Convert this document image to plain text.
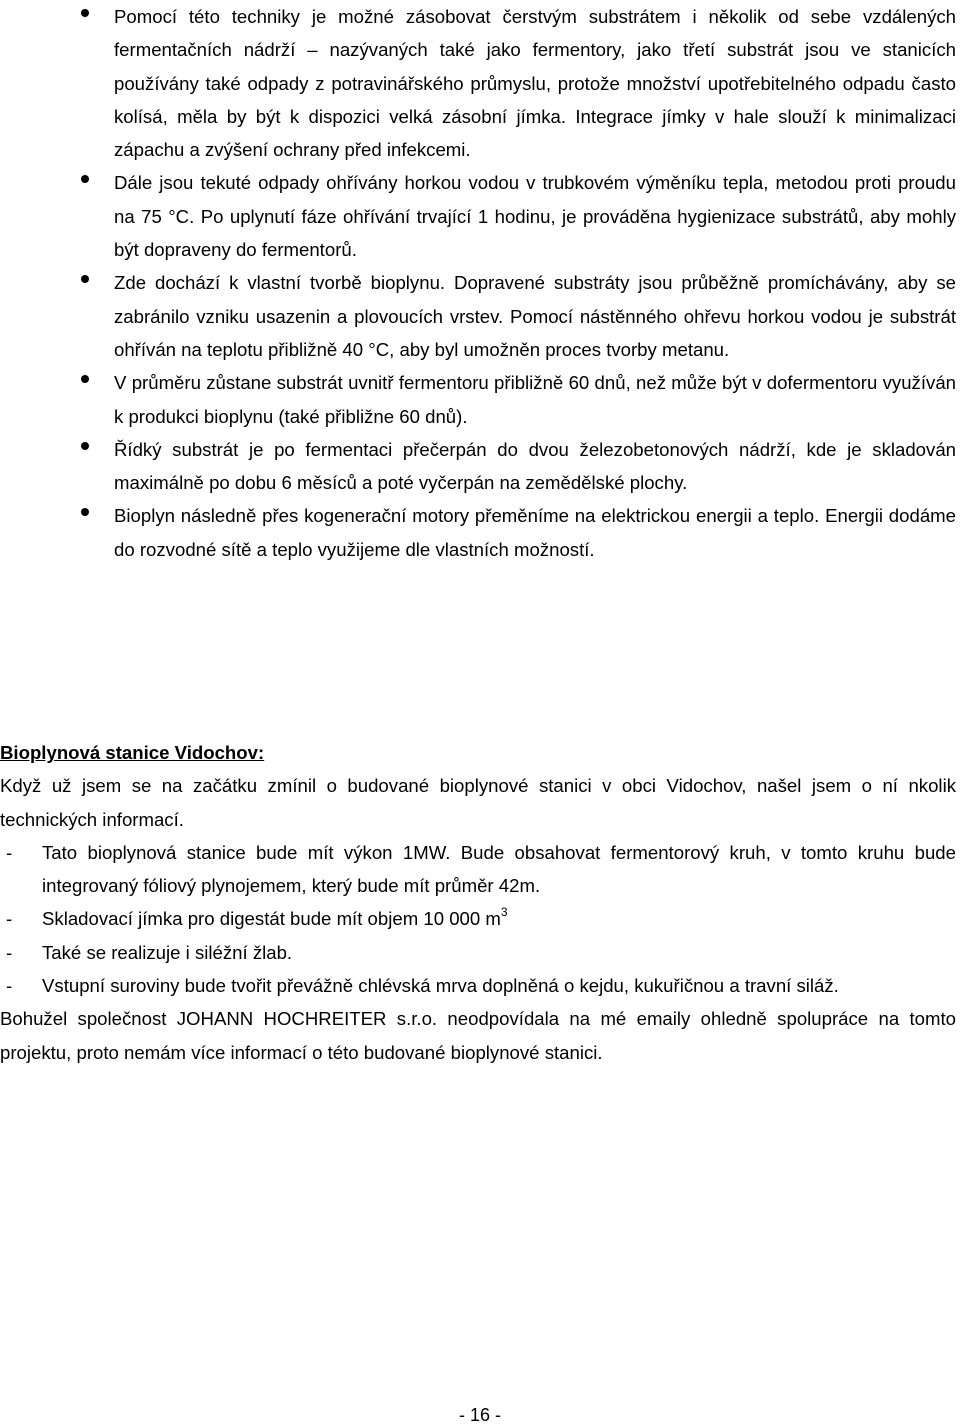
Pomocí této techniky je možné zásobovat čerstvým substrátem i několik od sebe vzdálených fermentačních nádrží – nazývaných také jako fermentory, jako třetí substrát jsou ve stanicích používány také odpady z potravinářského průmyslu, protože množství upotřebitelného odpadu často kolísá, měla by být k dispozici velká zásobní jímka. Integrace jímky v hale slouží k minimalizaci zápachu a zvýšení ochrany před infekcemi.
Dále jsou tekuté odpady ohřívány horkou vodou v trubkovém výměníku tepla, metodou proti proudu na 75 °C. Po uplynutí fáze ohřívání trvající 1 hodinu, je prováděna hygienizace substrátů, aby mohly být dopraveny do fermentorů.
Zde dochází k vlastní tvorbě bioplynu. Dopravené substráty jsou průběžně promíchávány, aby se zabránilo vzniku usazenin a plovoucích vrstev. Pomocí nástěnného ohřevu horkou vodou je substrát ohříván na teplotu přibližně 40 °C, aby byl umožněn proces tvorby metanu.
V průměru zůstane substrát uvnitř fermentoru přibližně 60 dnů, než může být v dofermentoru využíván k produkci bioplynu (také přibližne 60 dnů).
Řídký substrát je po fermentaci přečerpán do dvou železobetonových nádrží, kde je skladován maximálně po dobu 6 měsíců a poté vyčerpán na zemědělské plochy.
Bioplyn následně přes kogenerační motory přeměníme na elektrickou energii a teplo. Energii dodáme do rozvodné sítě a teplo využijeme dle vlastních možností.

Bioplynová stanice Vidochov:

Když už jsem se na začátku zmínil o budované bioplynové stanici v obci Vidochov, našel jsem o ní nkolik technických informací.

- Tato bioplynová stanice bude mít výkon 1MW. Bude obsahovat fermentorový kruh, v tomto kruhu bude integrovaný fóliový plynojemem, který bude mít průměr 42m.
- Skladovací jímka pro digestát bude mít objem 10 000 $m^3$
- Také se realizuje i siléžní žlab.
- Vstupní suroviny bude tvořit převážně chlévská mrva doplněná o kejdu, kukuřičnou a travní siláž.

Bohužel společnost JOHANN HOCHREITER s.r.o. neodpovídala na mé emaily ohledně spolupráce na tomto projektu, proto nemám více informací o této budované bioplynové stanici.

- 16 -
